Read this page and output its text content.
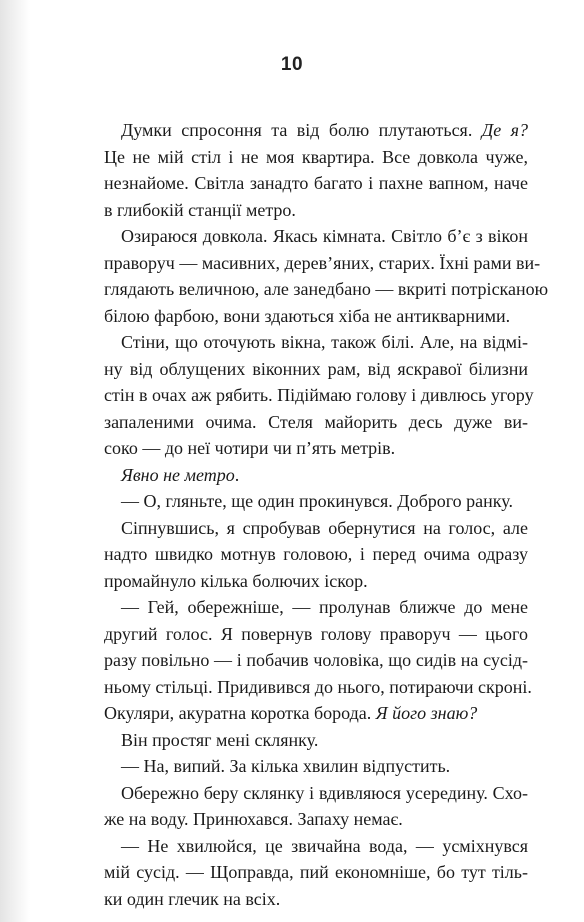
10
Думки спросоння та від болю плутаються. Де я?
Це не мій стіл і не моя квартира. Все довкола чуже,
незнайоме. Світла занадто багато і пахне вапном, наче
в глибокій станції метро.
Озираюся довкола. Якась кімната. Світло б’є з вікон
праворуч — масивних, дерев’яних, старих. Їхні рами ви-
глядають величною, але занедбано — вкриті потрісканою
білою фарбою, вони здаються хіба не антикварними.
Стіни, що оточують вікна, також білі. Але, на відмі-
ну від облущених віконних рам, від яскравої білизни
стін в очах аж рябить. Підіймаю голову і дивлюсь угору
запаленими очима. Стеля майорить десь дуже ви-
соко — до неї чотири чи п’ять метрів.
Явно не метро.
— О, гляньте, ще один прокинувся. Доброго ранку.
Сіпнувшись, я спробував обернутися на голос, але
надто швидко мотнув головою, і перед очима одразу
промайнуло кілька болючих іскор.
— Гей, обережніше, — пролунав ближче до мене
другий голос. Я повернув голову праворуч — цього
разу повільно — і побачив чоловіка, що сидів на сусід-
ньому стільці. Придивився до нього, потираючи скроні.
Окуляри, акуратна коротка борода. Я його знаю?
Він простяг мені склянку.
— На, випий. За кілька хвилин відпустить.
Обережно беру склянку і вдивляюся усередину. Схо-
же на воду. Принюхався. Запаху немає.
— Не хвилюйся, це звичайна вода, — усміхнувся
мій сусід. — Щоправда, пий економніше, бо тут тіль-
ки один глечик на всіх.
